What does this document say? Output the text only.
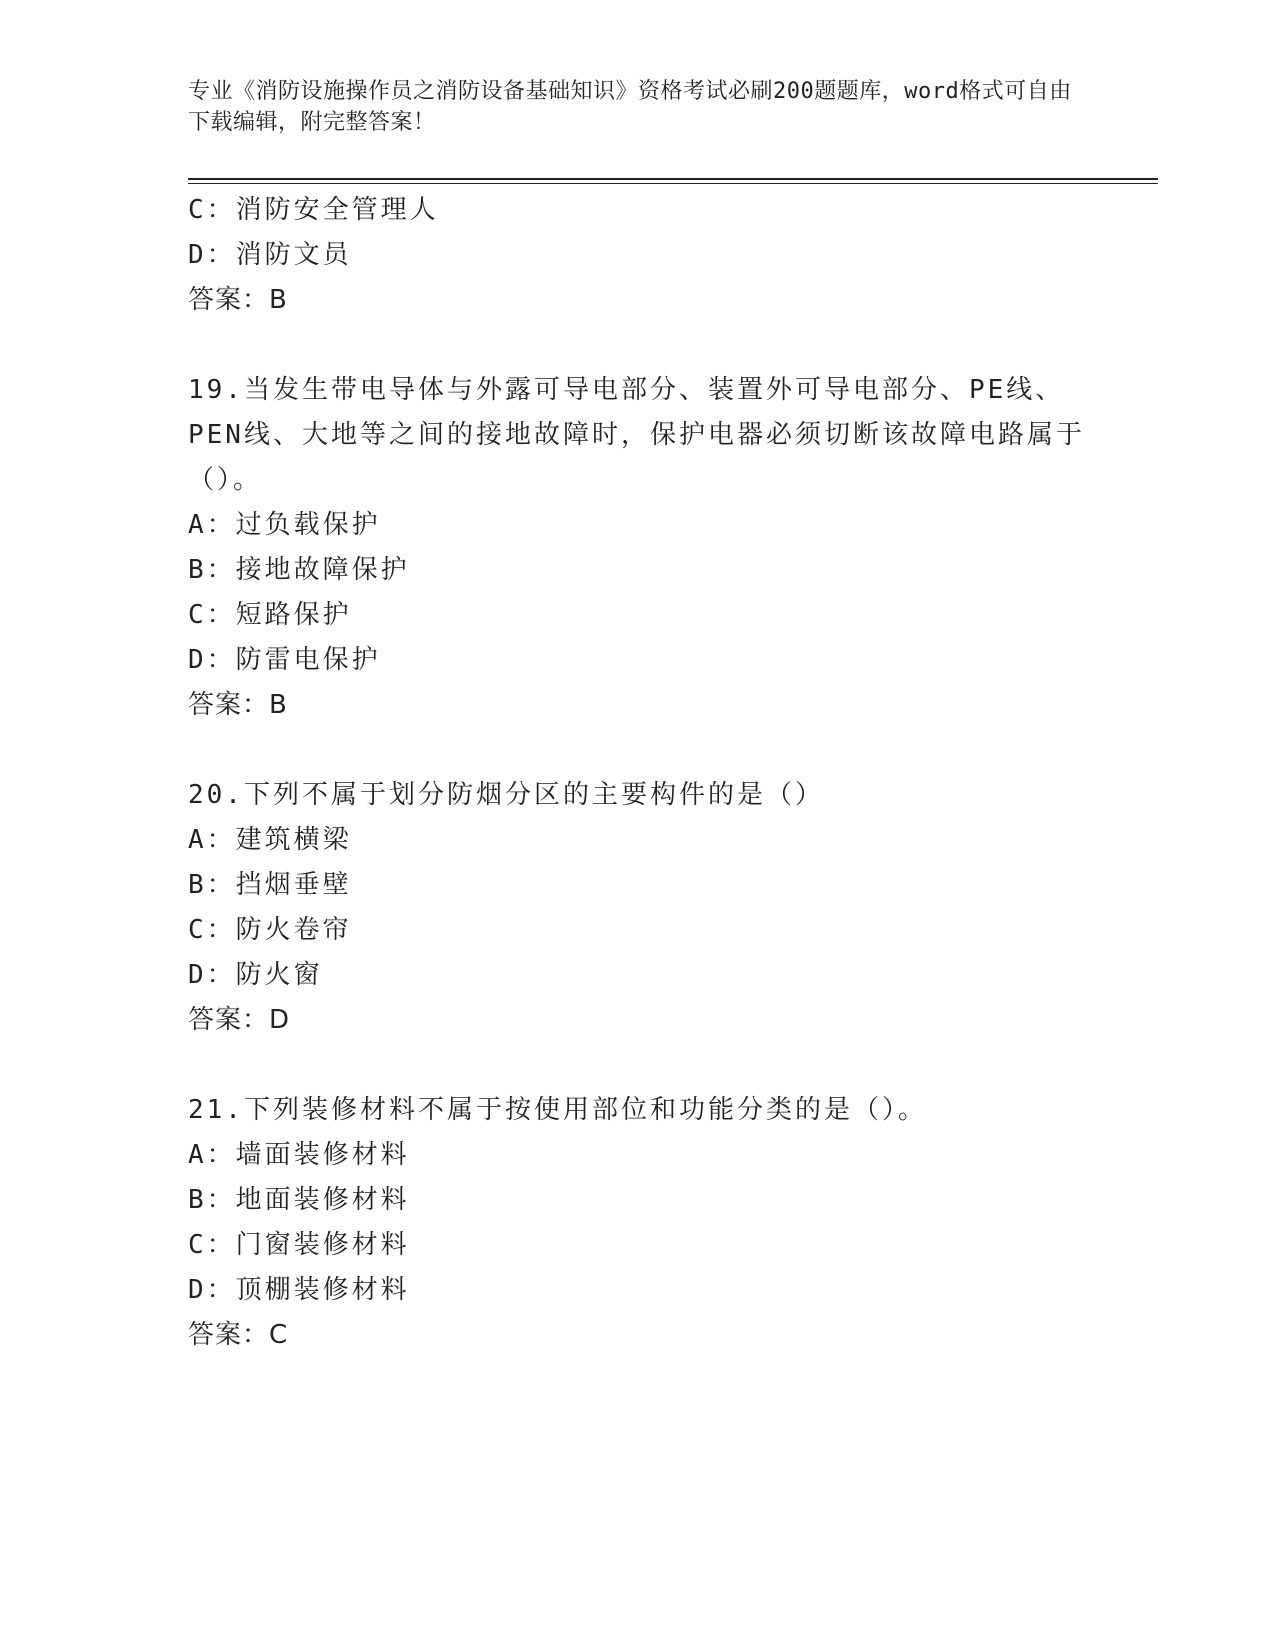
专业《消防设施操作员之消防设备基础知识》资格考试必刷200题题库，word格式可自由下载编辑，附完整答案！
C：消防安全管理人
D：消防文员
答案：B
19.当发生带电导体与外露可导电部分、装置外可导电部分、PE线、
PEN线、大地等之间的接地故障时，保护电器必须切断该故障电路属于
（）。
A：过负载保护
B：接地故障保护
C：短路保护
D：防雷电保护
答案：B
20.下列不属于划分防烟分区的主要构件的是（）
A：建筑横梁
B：挡烟垂壁
C：防火卷帘
D：防火窗
答案：D
21.下列装修材料不属于按使用部位和功能分类的是（）。
A：墙面装修材料
B：地面装修材料
C：门窗装修材料
D：顶棚装修材料
答案：C
